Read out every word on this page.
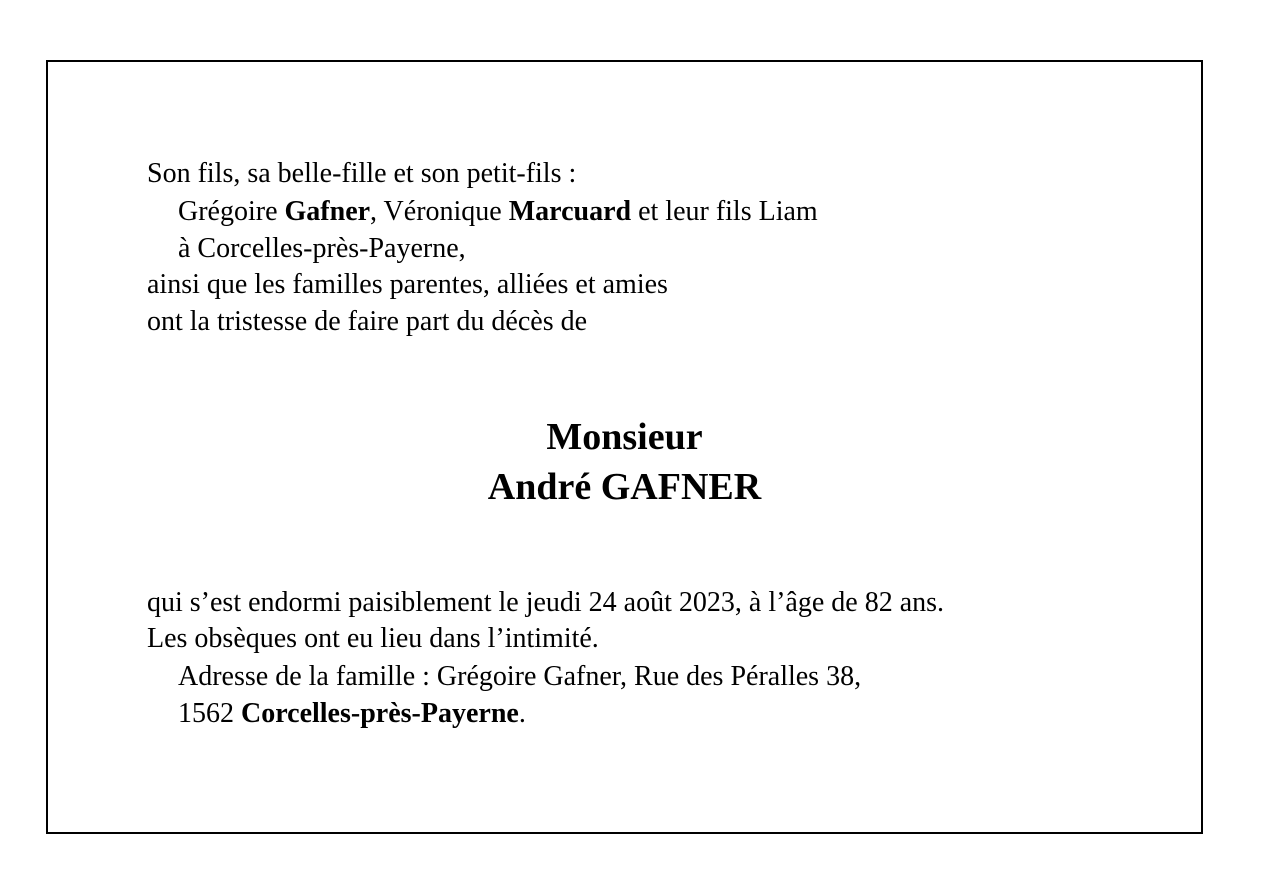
Son fils, sa belle-fille et son petit-fils :
Grégoire Gafner, Véronique Marcuard et leur fils Liam
à Corcelles-près-Payerne,
ainsi que les familles parentes, alliées et amies
ont la tristesse de faire part du décès de
Monsieur
André GAFNER
qui s’est endormi paisiblement le jeudi 24 août 2023, à l’âge de 82 ans.
Les obsèques ont eu lieu dans l’intimité.
Adresse de la famille : Grégoire Gafner, Rue des Péralles 38,
1562 Corcelles-près-Payerne.
